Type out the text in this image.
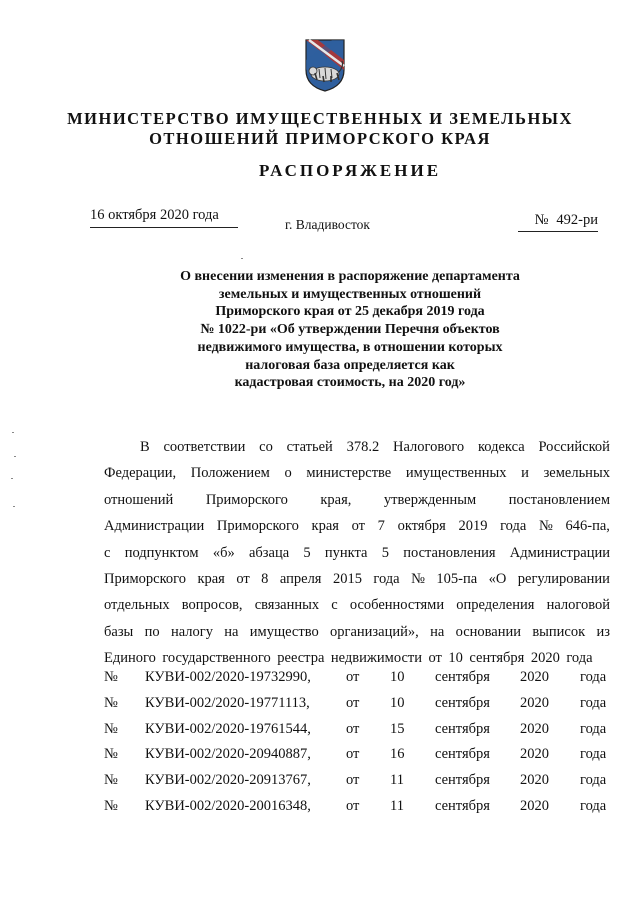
МИНИСТЕРСТВО ИМУЩЕСТВЕННЫХ И ЗЕМЕЛЬНЫХ
ОТНОШЕНИЙ ПРИМОРСКОГО КРАЯ
РАСПОРЯЖЕНИЕ
16 октября 2020 года
г. Владивосток	№ 492-ри
О внесении изменения в распоряжение департамента
земельных и имущественных отношений
Приморского края от 25 декабря 2019 года
№ 1022-ри «Об утверждении Перечня объектов
недвижимого имущества, в отношении которых
налоговая база определяется как
кадастровая стоимость, на 2020 год»
В соответствии со статьей 378.2 Налогового кодекса Российской
Федерации, Положением о министерстве имущественных и земельных
отношений Приморского края, утвержденным постановлением
Администрации Приморского края от 7 октября 2019 года № 646-па,
с подпунктом «б» абзаца 5 пункта 5 постановления Администрации
Приморского края от 8 апреля 2015 года № 105-па «О регулировании
отдельных вопросов, связанных с особенностями определения налоговой
базы по налогу на имущество организаций», на основании выписок из
Единого государственного реестра недвижимости от 10 сентября 2020 года
№ КУВИ-002/2020-19732990, от 10 сентября 2020 года
№ КУВИ-002/2020-19771113, от 10 сентября 2020 года
№ КУВИ-002/2020-19761544, от 15 сентября 2020 года
№ КУВИ-002/2020-20940887, от 16 сентября 2020 года
№ КУВИ-002/2020-20913767, от 11 сентября 2020 года
№ КУВИ-002/2020-20016348, от 11 сентября 2020 года
